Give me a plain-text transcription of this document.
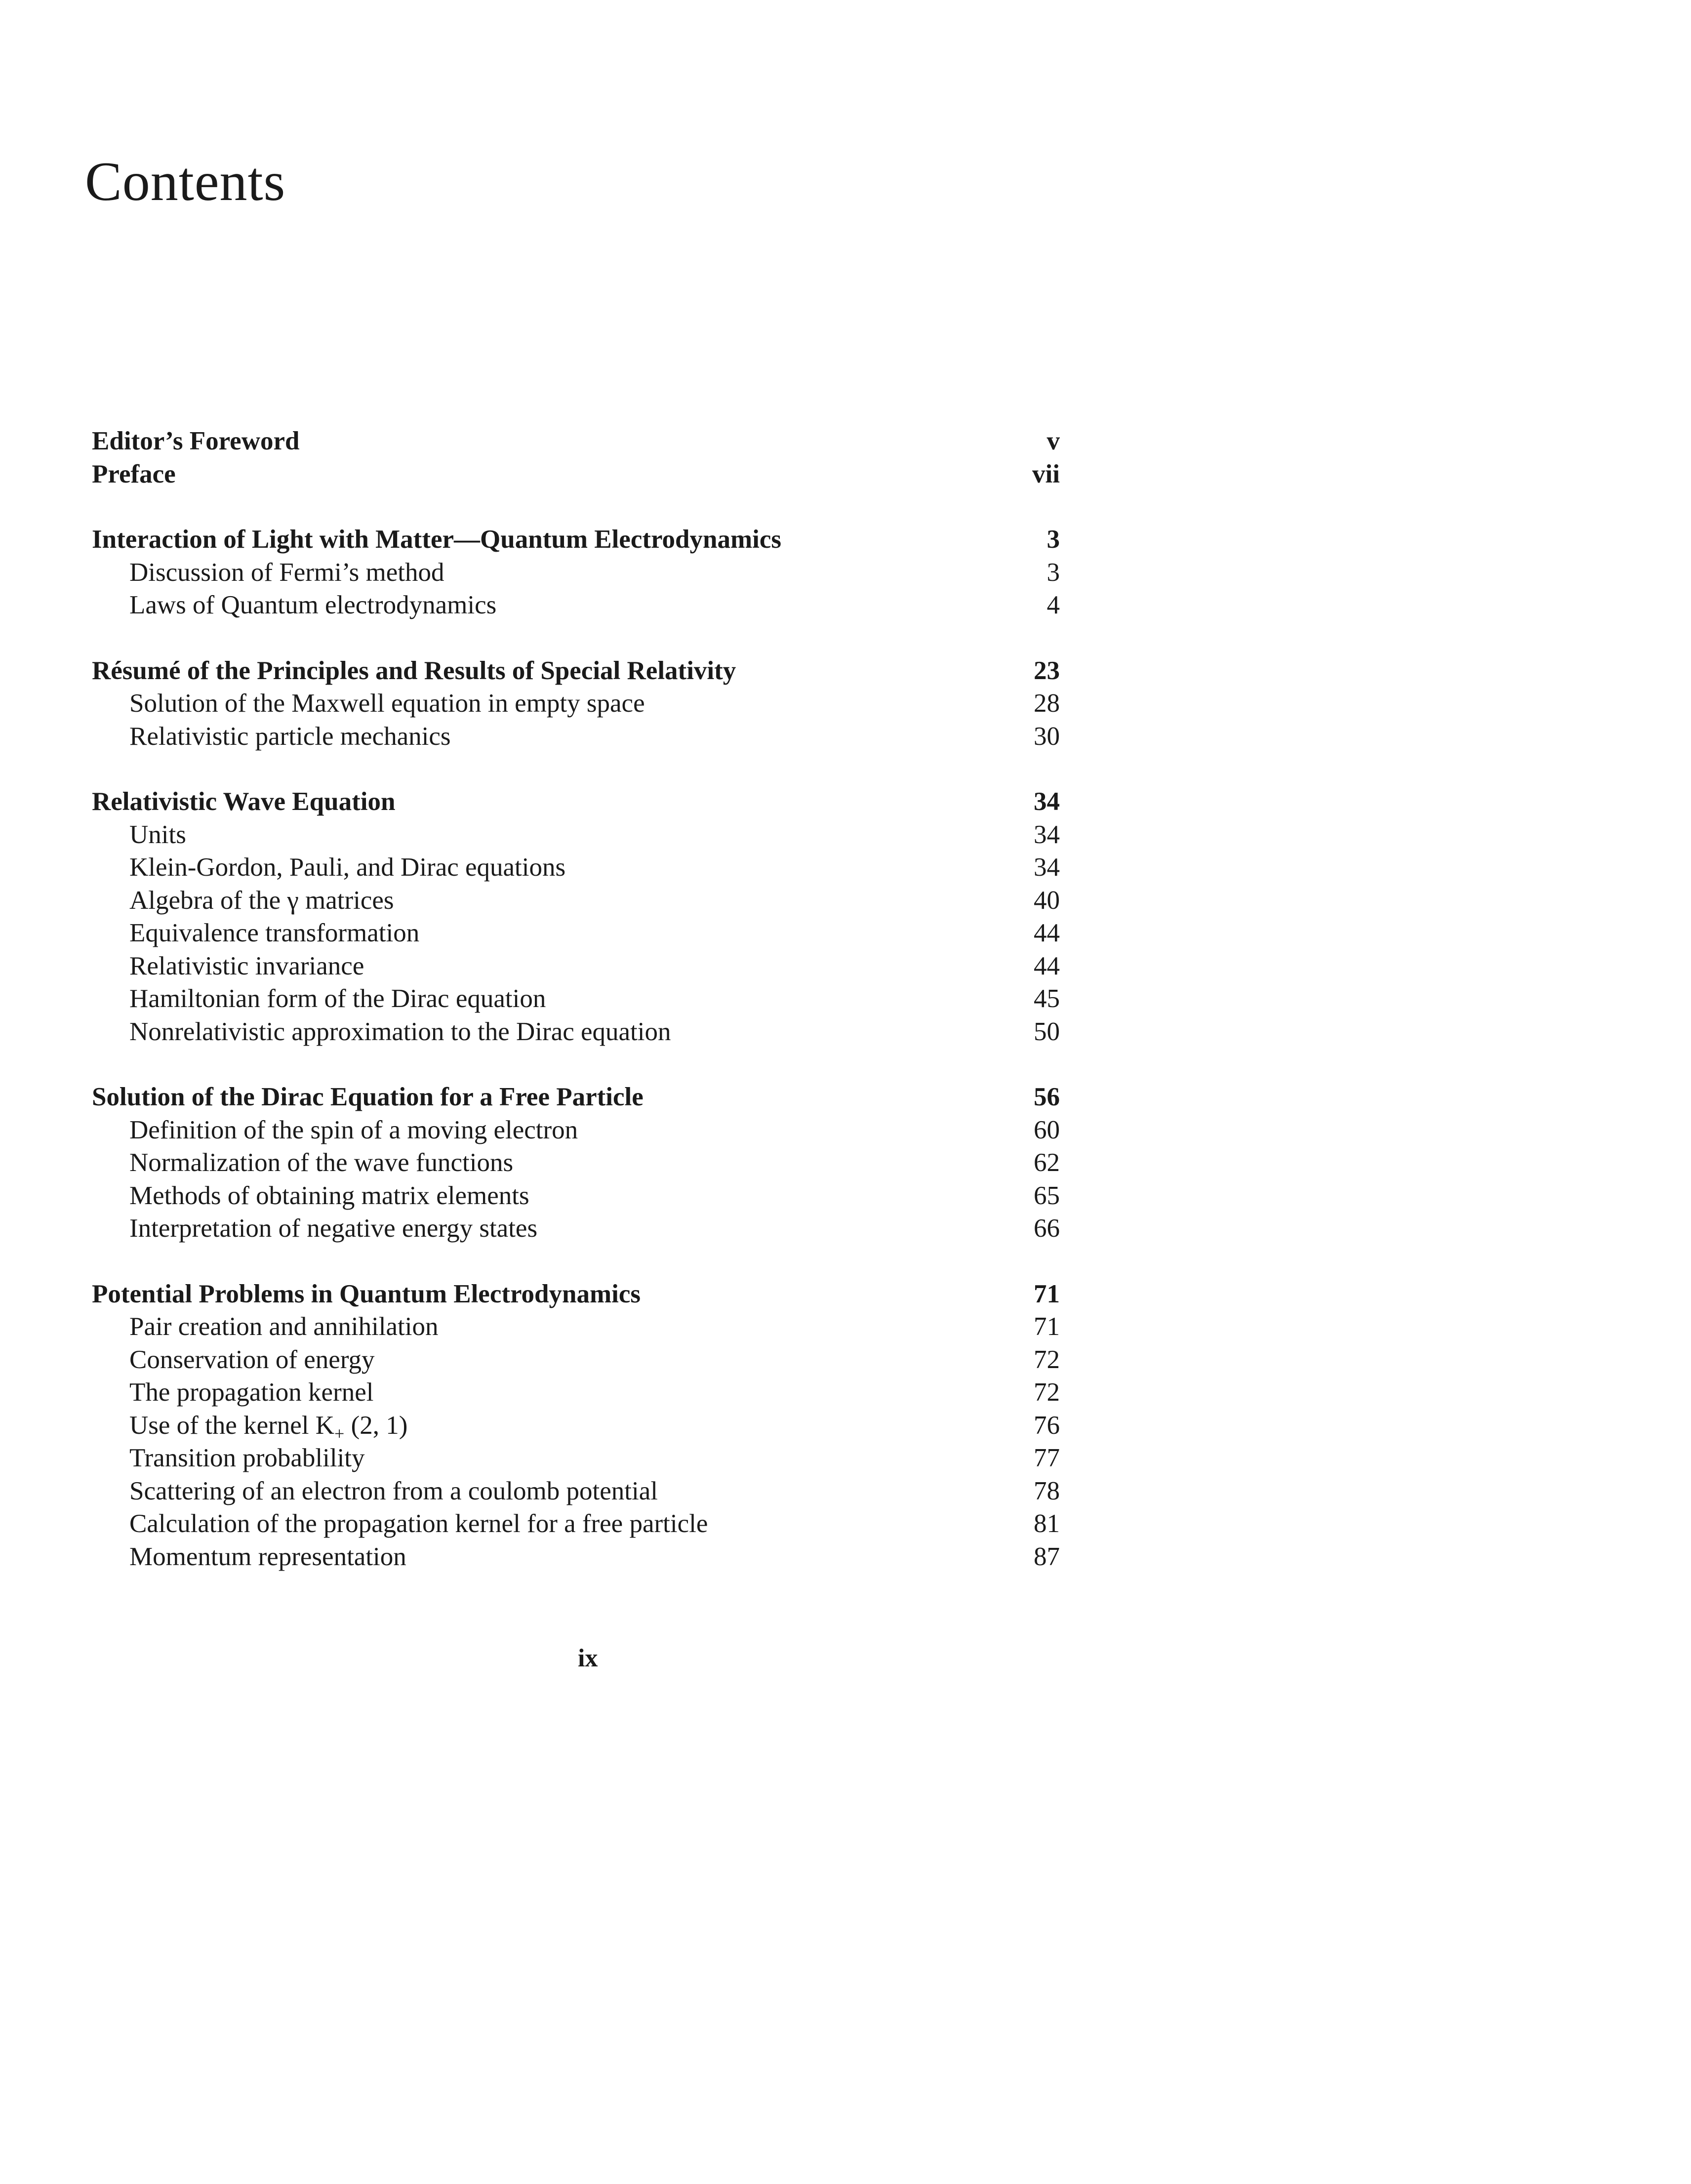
Contents
Editor’s Foreword	v
Preface	vii
Interaction of Light with Matter—Quantum Electrodynamics	3
Discussion of Fermi’s method	3
Laws of Quantum electrodynamics	4
Résumé of the Principles and Results of Special Relativity	23
Solution of the Maxwell equation in empty space	28
Relativistic particle mechanics	30
Relativistic Wave Equation	34
Units	34
Klein-Gordon, Pauli, and Dirac equations	34
Algebra of the γ matrices	40
Equivalence transformation	44
Relativistic invariance	44
Hamiltonian form of the Dirac equation	45
Nonrelativistic approximation to the Dirac equation	50
Solution of the Dirac Equation for a Free Particle	56
Definition of the spin of a moving electron	60
Normalization of the wave functions	62
Methods of obtaining matrix elements	65
Interpretation of negative energy states	66
Potential Problems in Quantum Electrodynamics	71
Pair creation and annihilation	71
Conservation of energy	72
The propagation kernel	72
Use of the kernel $K_+$ (2, 1)	76
Transition probablility	77
Scattering of an electron from a coulomb potential	78
Calculation of the propagation kernel for a free particle	81
Momentum representation	87
ix
